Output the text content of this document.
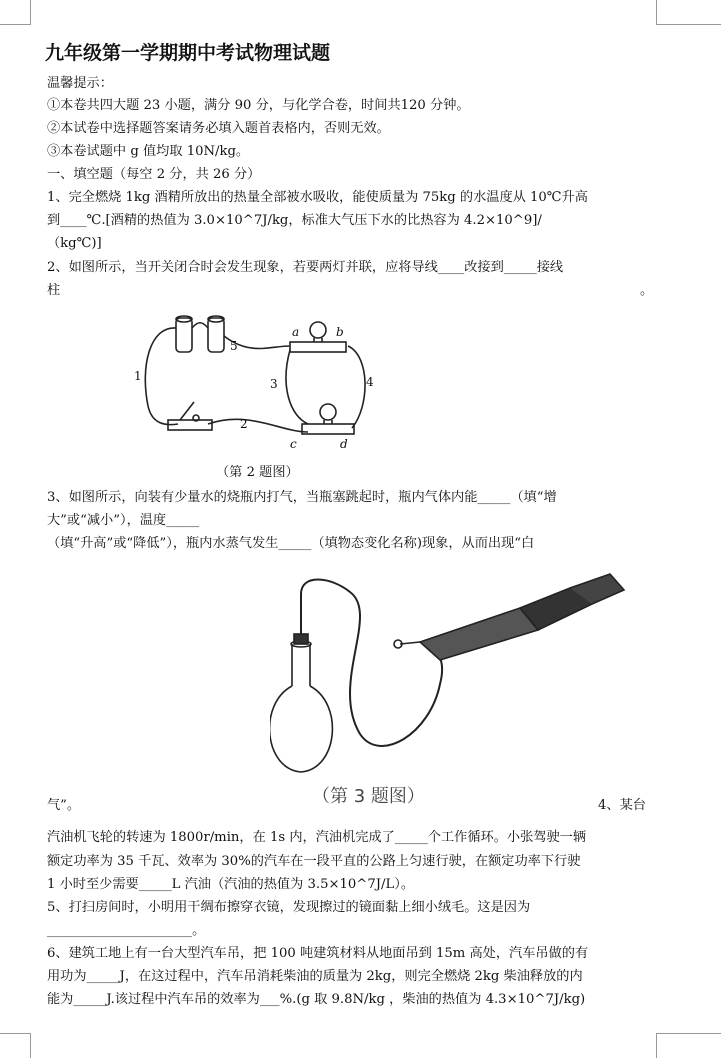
九年级第一学期期中考试物理试题
温馨提示：
①本卷共四大题 23 小题，满分 90 分，与化学合卷，时间共120 分钟。
②本试卷中选择题答案请务必填入题首表格内，否则无效。
③本卷试题中 g 值均取 10N/kg。
一、填空题（每空 2 分，共 26 分）
1、完全燃烧 1kg 酒精所放出的热量全部被水吸收，能使质量为 75kg 的水温度从 10℃升高
到____℃.[酒精的热值为 3.0×10^7J/kg，标准大气压下水的比热容为 4.2×10^9]/
（kg℃)]
2、如图所示，当开关闭合时会发生现象，若要两灯并联，应将导线____改接到_____接线
柱	。
a	b
c	d
1
2
3	4
5
（第 2 题图）
3、如图所示，向装有少量水的烧瓶内打气，当瓶塞跳起时，瓶内气体内能_____（填“增
大”或“减小”），温度_____
（填“升高”或“降低”），瓶内水蒸气发生_____（填物态变化名称)现象，从而出现“白
气”。	（第 3 题图）	4、某台
汽油机飞轮的转速为 1800r/min，在 1s 内，汽油机完成了_____个工作循环。小张驾驶一辆
额定功率为 35 千瓦、效率为 30%的汽车在一段平直的公路上匀速行驶，在额定功率下行驶
1 小时至少需要_____L 汽油（汽油的热值为 3.5×10^7J/L）。
5、打扫房间时，小明用干绸布擦穿衣镜，发现擦过的镜面黏上细小绒毛。这是因为
______________________。
6、建筑工地上有一台大型汽车吊，把 100 吨建筑材料从地面吊到 15m 高处，汽车吊做的有
用功为_____J，在这过程中，汽车吊消耗柴油的质量为 2kg，则完全燃烧 2kg 柴油释放的内
能为_____J.该过程中汽车吊的效率为___%.(g 取 9.8N/kg ，柴油的热值为 4.3×10^7J/kg)
